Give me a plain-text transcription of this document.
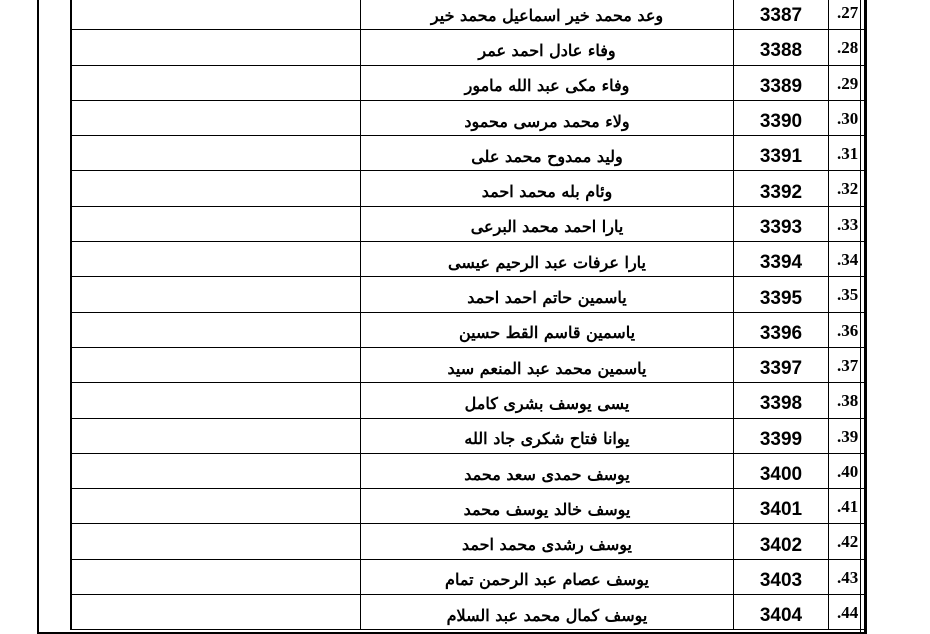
	وعد محمد خير اسماعيل محمد خير	3387	.27
	وفاء عادل احمد عمر	3388	.28
	وفاء مكى عبد الله مامور	3389	.29
	ولاء محمد مرسى محمود	3390	.30
	وليد ممدوح محمد على	3391	.31
	وئام بله محمد احمد	3392	.32
	يارا احمد محمد البرعى	3393	.33
	يارا عرفات عبد الرحيم عيسى	3394	.34
	ياسمين حاتم احمد احمد	3395	.35
	ياسمين قاسم القط حسين	3396	.36
	ياسمين محمد عبد المنعم سيد	3397	.37
	يسى يوسف بشرى كامل	3398	.38
	يوانا فتاح شكرى جاد الله	3399	.39
	يوسف حمدى سعد محمد	3400	.40
	يوسف خالد يوسف محمد	3401	.41
	يوسف رشدى محمد احمد	3402	.42
	يوسف عصام عبد الرحمن تمام	3403	.43
	يوسف كمال محمد عبد السلام	3404	.44
